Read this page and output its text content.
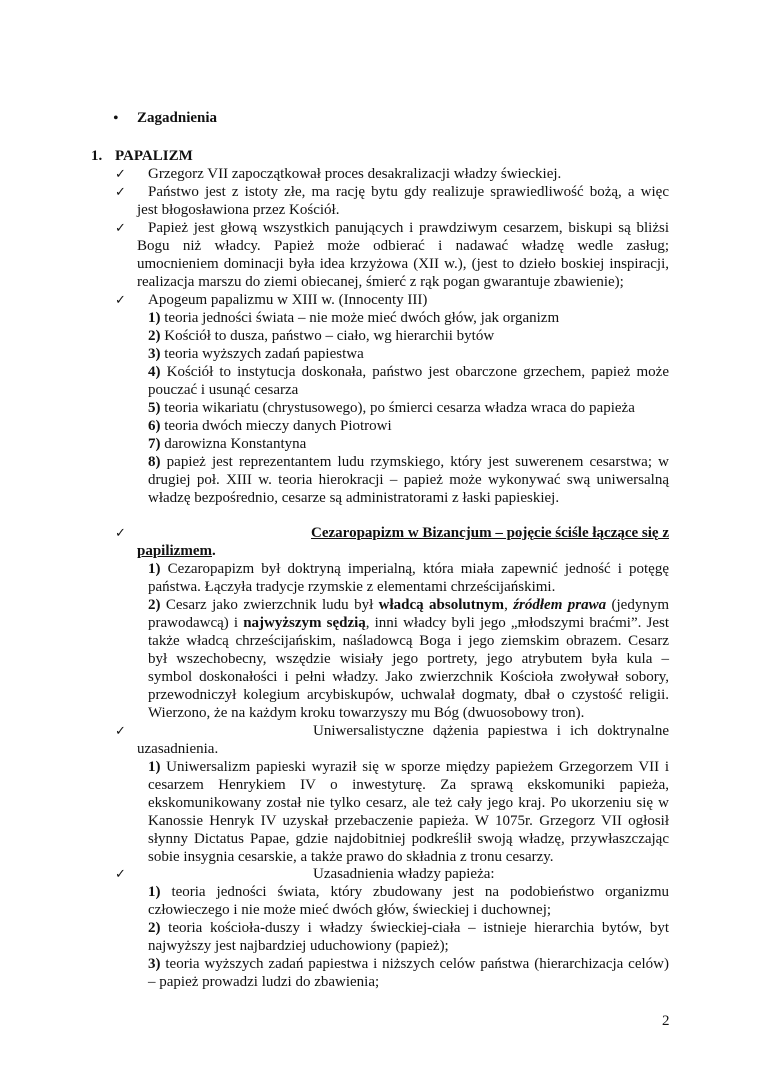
• Zagadnienia
1. PAPALIZM
✓ Grzegorz VII zapoczątkował proces desakralizacji władzy świeckiej.
✓ Państwo jest z istoty złe, ma rację bytu gdy realizuje sprawiedliwość bożą, a więc
jest błogosławiona przez Kościół.
✓ Papież jest głową wszystkich panujących i prawdziwym cesarzem, biskupi są bliżsi
Bogu niż władcy. Papież może odbierać i nadawać władzę wedle zasług;
umocnieniem dominacji była idea krzyżowa (XII w.), (jest to dzieło boskiej inspiracji,
realizacja marszu do ziemi obiecanej, śmierć z rąk pogan gwarantuje zbawienie);
✓ Apogeum papalizmu w XIII w. (Innocenty III)
1) teoria jedności świata – nie może mieć dwóch głów, jak organizm
2) Kościół to dusza, państwo – ciało, wg hierarchii bytów
3) teoria wyższych zadań papiestwa
4) Kościół to instytucja doskonała, państwo jest obarczone grzechem, papież może
pouczać i usunąć cesarza
5) teoria wikariatu (chrystusowego), po śmierci cesarza władza wraca do papieża
6) teoria dwóch mieczy danych Piotrowi
7) darowizna Konstantyna
8) papież jest reprezentantem ludu rzymskiego, który jest suwerenem cesarstwa; w
drugiej poł. XIII w. teoria hierokracji – papież może wykonywać swą uniwersalną
władzę bezpośrednio, cesarze są administratorami z łaski papieskiej.
✓	Cezaropapizm w Bizancjum – pojęcie ściśle łączące się z
papilizmem.
1) Cezaropapizm był doktryną imperialną, która miała zapewnić jedność i potęgę
państwa. Łączyła tradycje rzymskie z elementami chrześcijańskimi.
2) Cesarz jako zwierzchnik ludu był władcą absolutnym, źródłem prawa (jedynym
prawodawcą) i najwyższym sędzią, inni władcy byli jego „młodszymi braćmi”. Jest
także władcą chrześcijańskim, naśladowcą Boga i jego ziemskim obrazem. Cesarz
był wszechobecny, wszędzie wisiały jego portrety, jego atrybutem była kula –
symbol doskonałości i pełni władzy. Jako zwierzchnik Kościoła zwoływał sobory,
przewodniczył kolegium arcybiskupów, uchwalał dogmaty, dbał o czystość religii.
Wierzono, że na każdym kroku towarzyszy mu Bóg (dwuosobowy tron).
✓	Uniwersalistyczne dążenia papiestwa i ich doktrynalne
uzasadnienia.
1) Uniwersalizm papieski wyraził się w sporze między papieżem Grzegorzem VII i
cesarzem Henrykiem IV o inwestyturę. Za sprawą ekskomuniki papieża,
ekskomunikowany został nie tylko cesarz, ale też cały jego kraj. Po ukorzeniu się w
Kanossie Henryk IV uzyskał przebaczenie papieża. W 1075r. Grzegorz VII ogłosił
słynny Dictatus Papae, gdzie najdobitniej podkreślił swoją władzę, przywłaszczając
sobie insygnia cesarskie, a także prawo do składnia z tronu cesarzy.
✓	Uzasadnienia władzy papieża:
1) teoria jedności świata, który zbudowany jest na podobieństwo organizmu
człowieczego i nie może mieć dwóch głów, świeckiej i duchownej;
2) teoria kościoła-duszy i władzy świeckiej-ciała – istnieje hierarchia bytów, byt
najwyższy jest najbardziej uduchowiony (papież);
3) teoria wyższych zadań papiestwa i niższych celów państwa (hierarchizacja celów)
– papież prowadzi ludzi do zbawienia;
2
